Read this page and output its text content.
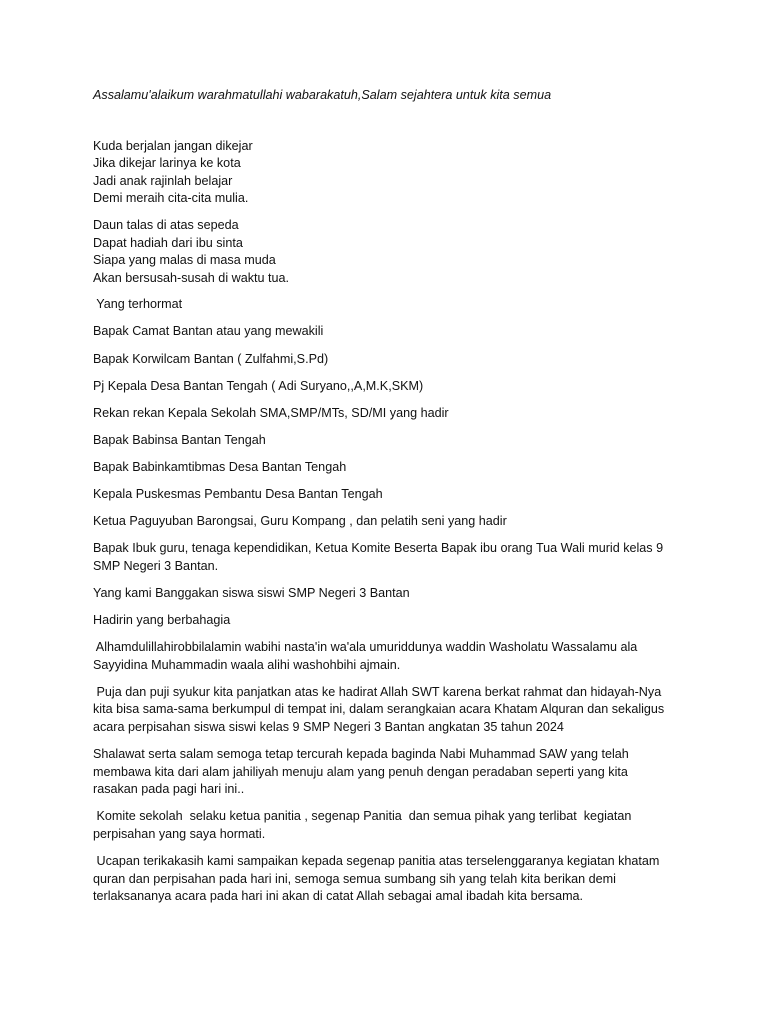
Assalamu'alaikum warahmatullahi wabarakatuh,Salam sejahtera untuk kita semua

Kuda berjalan jangan dikejar

Jika dikejar larinya ke kota

Jadi anak rajinlah belajar

Demi meraih cita-cita mulia.

Daun talas di atas sepeda

Dapat hadiah dari ibu sinta

Siapa yang malas di masa muda

Akan bersusah-susah di waktu tua.

Yang terhormat

Bapak Camat Bantan atau yang mewakili

Bapak Korwilcam Bantan ( Zulfahmi,S.Pd)

Pj Kepala Desa Bantan Tengah ( Adi Suryano,,A,M.K,SKM)

Rekan rekan Kepala Sekolah SMA,SMP/MTs, SD/MI yang hadir

Bapak Babinsa Bantan Tengah

Bapak Babinkamtibmas Desa Bantan Tengah

Kepala Puskesmas Pembantu Desa Bantan Tengah

Ketua Paguyuban Barongsai, Guru Kompang , dan pelatih seni yang hadir

Bapak Ibuk guru, tenaga kependidikan, Ketua Komite Beserta Bapak ibu orang Tua Wali murid kelas 9

SMP Negeri 3 Bantan.

Yang kami Banggakan siswa siswi SMP Negeri 3 Bantan

Hadirin yang berbahagia

Alhamdulillahirobbilalamin wabihi nasta'in wa'ala umuriddunya waddin Washolatu Wassalamu ala

Sayyidina Muhammadin waala alihi washohbihi ajmain.

Puja dan puji syukur kita panjatkan atas ke hadirat Allah SWT karena berkat rahmat dan hidayah-Nya

kita bisa sama-sama berkumpul di tempat ini, dalam serangkaian acara Khatam Alquran dan sekaligus

acara perpisahan siswa siswi kelas 9 SMP Negeri 3 Bantan angkatan 35 tahun 2024

Shalawat serta salam semoga tetap tercurah kepada baginda Nabi Muhammad SAW yang telah

membawa kita dari alam jahiliyah menuju alam yang penuh dengan peradaban seperti yang kita

rasakan pada pagi hari ini..

Komite sekolah  selaku ketua panitia , segenap Panitia  dan semua pihak yang terlibat  kegiatan

perpisahan yang saya hormati.

Ucapan terikakasih kami sampaikan kepada segenap panitia atas terselenggaranya kegiatan khatam

quran dan perpisahan pada hari ini, semoga semua sumbang sih yang telah kita berikan demi

terlaksananya acara pada hari ini akan di catat Allah sebagai amal ibadah kita bersama.
